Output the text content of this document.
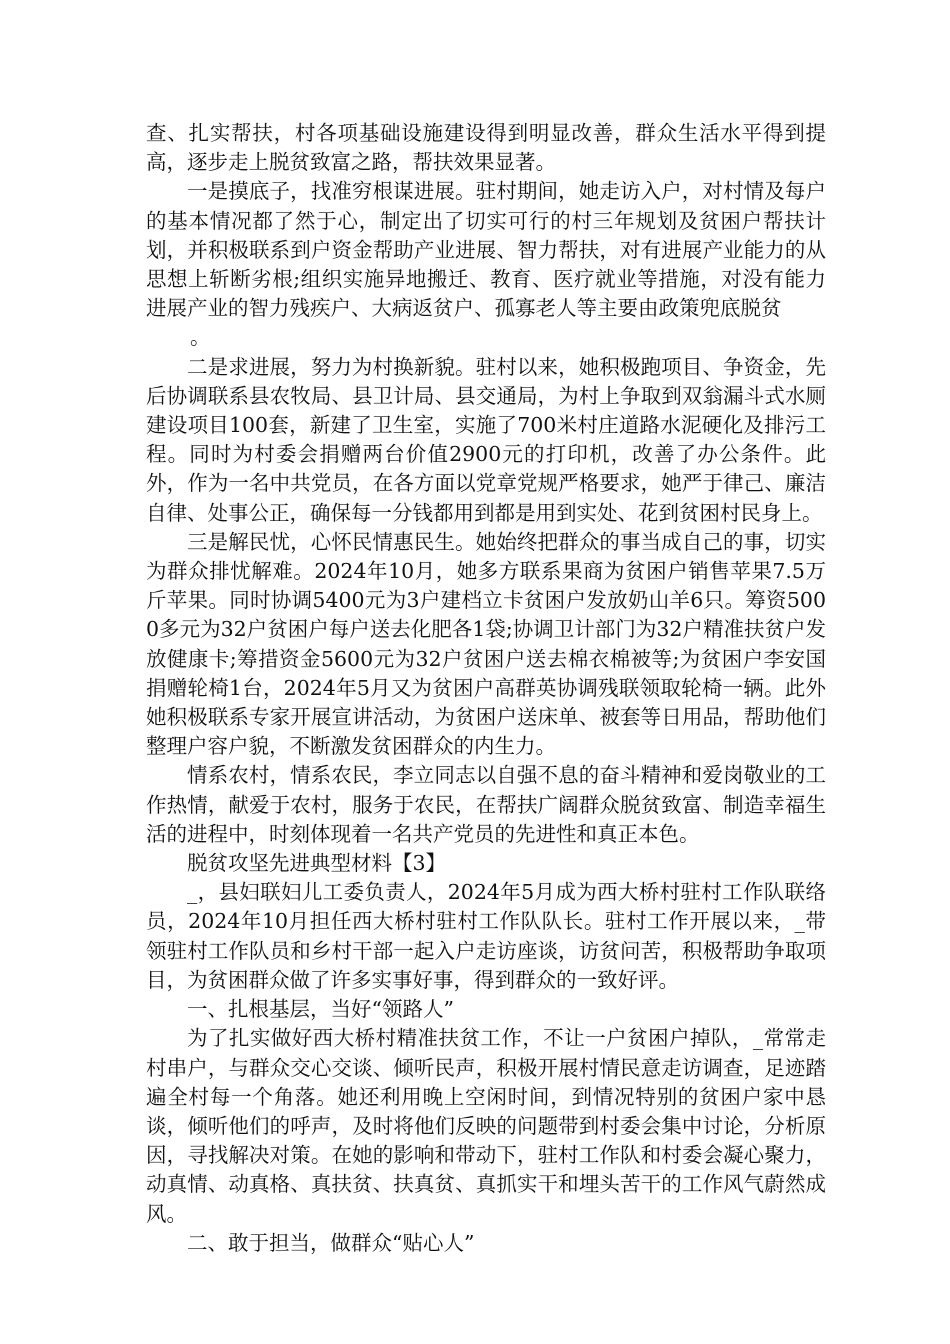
查、扎实帮扶，村各项基础设施建设得到明显改善，群众生活水平得到提高，逐步走上脱贫致富之路，帮扶效果显著。

一是摸底子，找准穷根谋进展。驻村期间，她走访入户，对村情及每户的基本情况都了然于心，制定出了切实可行的村三年规划及贫困户帮扶计划，并积极联系到户资金帮助产业进展、智力帮扶，对有进展产业能力的从思想上斩断劣根;组织实施异地搬迁、教育、医疗就业等措施，对没有能力进展产业的智力残疾户、大病返贫户、孤寡老人等主要由政策兜底脱贫

。

二是求进展，努力为村换新貌。驻村以来，她积极跑项目、争资金，先后协调联系县农牧局、县卫计局、县交通局，为村上争取到双翁漏斗式水厕建设项目100套，新建了卫生室，实施了700米村庄道路水泥硬化及排污工程。同时为村委会捐赠两台价值2900元的打印机，改善了办公条件。此外，作为一名中共党员，在各方面以党章党规严格要求，她严于律己、廉洁自律、处事公正，确保每一分钱都用到都是用到实处、花到贫困村民身上。

三是解民忧，心怀民情惠民生。她始终把群众的事当成自己的事，切实为群众排忧解难。2024年10月，她多方联系果商为贫困户销售苹果7.5万斤苹果。同时协调5400元为3户建档立卡贫困户发放奶山羊6只。筹资5000多元为32户贫困户每户送去化肥各1袋;协调卫计部门为32户精准扶贫户发放健康卡;筹措资金5600元为32户贫困户送去棉衣棉被等;为贫困户李安国捐赠轮椅1台，2024年5月又为贫困户高群英协调残联领取轮椅一辆。此外她积极联系专家开展宣讲活动，为贫困户送床单、被套等日用品，帮助他们整理户容户貌，不断激发贫困群众的内生力。

情系农村，情系农民，李立同志以自强不息的奋斗精神和爱岗敬业的工作热情，献爱于农村，服务于农民，在帮扶广阔群众脱贫致富、制造幸福生活的进程中，时刻体现着一名共产党员的先进性和真正本色。

脱贫攻坚先进典型材料【3】

_，县妇联妇儿工委负责人，2024年5月成为西大桥村驻村工作队联络员，2024年10月担任西大桥村驻村工作队队长。驻村工作开展以来，_带领驻村工作队员和乡村干部一起入户走访座谈，访贫问苦，积极帮助争取项目，为贫困群众做了许多实事好事，得到群众的一致好评。

一、扎根基层，当好“领路人”

为了扎实做好西大桥村精准扶贫工作，不让一户贫困户掉队，_常常走村串户，与群众交心交谈、倾听民声，积极开展村情民意走访调查，足迹踏遍全村每一个角落。她还利用晚上空闲时间，到情况特别的贫困户家中恳谈，倾听他们的呼声，及时将他们反映的问题带到村委会集中讨论，分析原因，寻找解决对策。在她的影响和带动下，驻村工作队和村委会凝心聚力，动真情、动真格、真扶贫、扶真贫、真抓实干和埋头苦干的工作风气蔚然成风。

二、敢于担当，做群众“贴心人”
